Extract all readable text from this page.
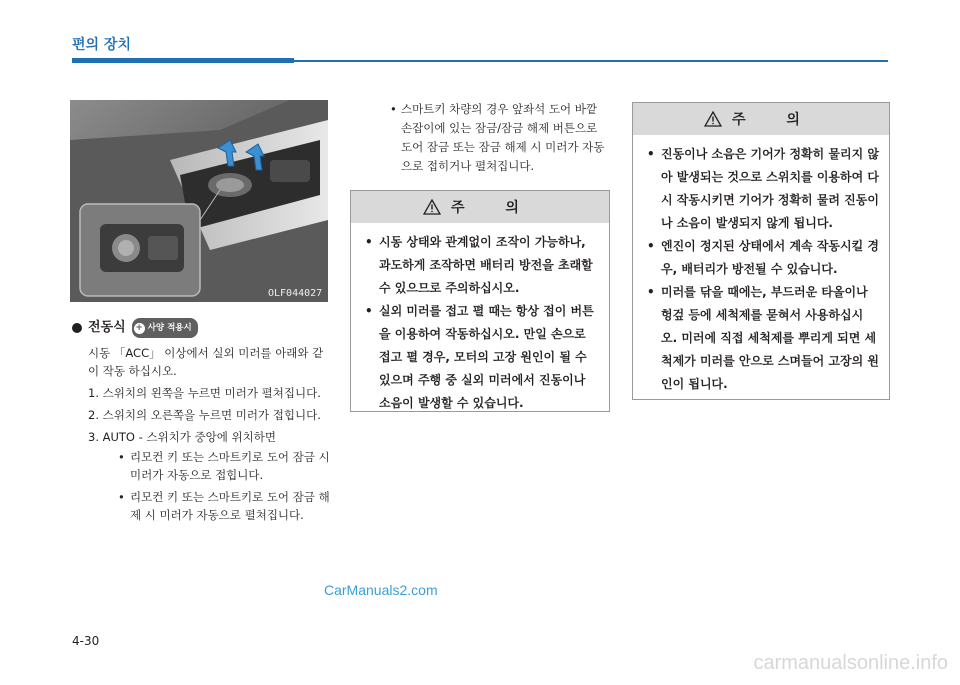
편의 장치
OLF044027
전동식 + 사양 적용시

시동 「ACC」 이상에서 실외 미러를 아래와 같이 작동 하십시오.

1. 스위치의 왼쪽을 누르면 미러가 펼쳐집니다.
2. 스위치의 오른쪽을 누르면 미러가 접힙니다.
3. AUTO - 스위치가 중앙에 위치하면
• 리모컨 키 또는 스마트키로 도어 잠금 시 미러가 자동으로 접힙니다.
• 리모컨 키 또는 스마트키로 도어 잠금 해제 시 미러가 자동으로 펼쳐집니다.
• 스마트키 차량의 경우 앞좌석 도어 바깥 손잡이에 있는 잠금/잠금 해제 버튼으로 도어 잠금 또는 잠금 해제 시 미러가 자동으로 접히거나 펼쳐집니다.
주 의
• 시동 상태와 관계없이 조작이 가능하나, 과도하게 조작하면 배터리 방전을 초래할 수 있으므로 주의하십시오.
• 실외 미러를 접고 펼 때는 항상 접이 버튼을 이용하여 작동하십시오. 만일 손으로 접고 펼 경우, 모터의 고장 원인이 될 수 있으며 주행 중 실외 미러에서 진동이나 소음이 발생할 수 있습니다.
주 의
• 진동이나 소음은 기어가 정확히 물리지 않아 발생되는 것으로 스위치를 이용하여 다시 작동시키면 기어가 정확히 물려 진동이나 소음이 발생되지 않게 됩니다.
• 엔진이 정지된 상태에서 계속 작동시킬 경우, 배터리가 방전될 수 있습니다.
• 미러를 닦을 때에는, 부드러운 타올이나 헝겊 등에 세척제를 묻혀서 사용하십시오. 미러에 직접 세척제를 뿌리게 되면 세척제가 미러를 안으로 스며들어 고장의 원인이 됩니다.
CarManuals2.com
4-30
carmanualsonline.info
